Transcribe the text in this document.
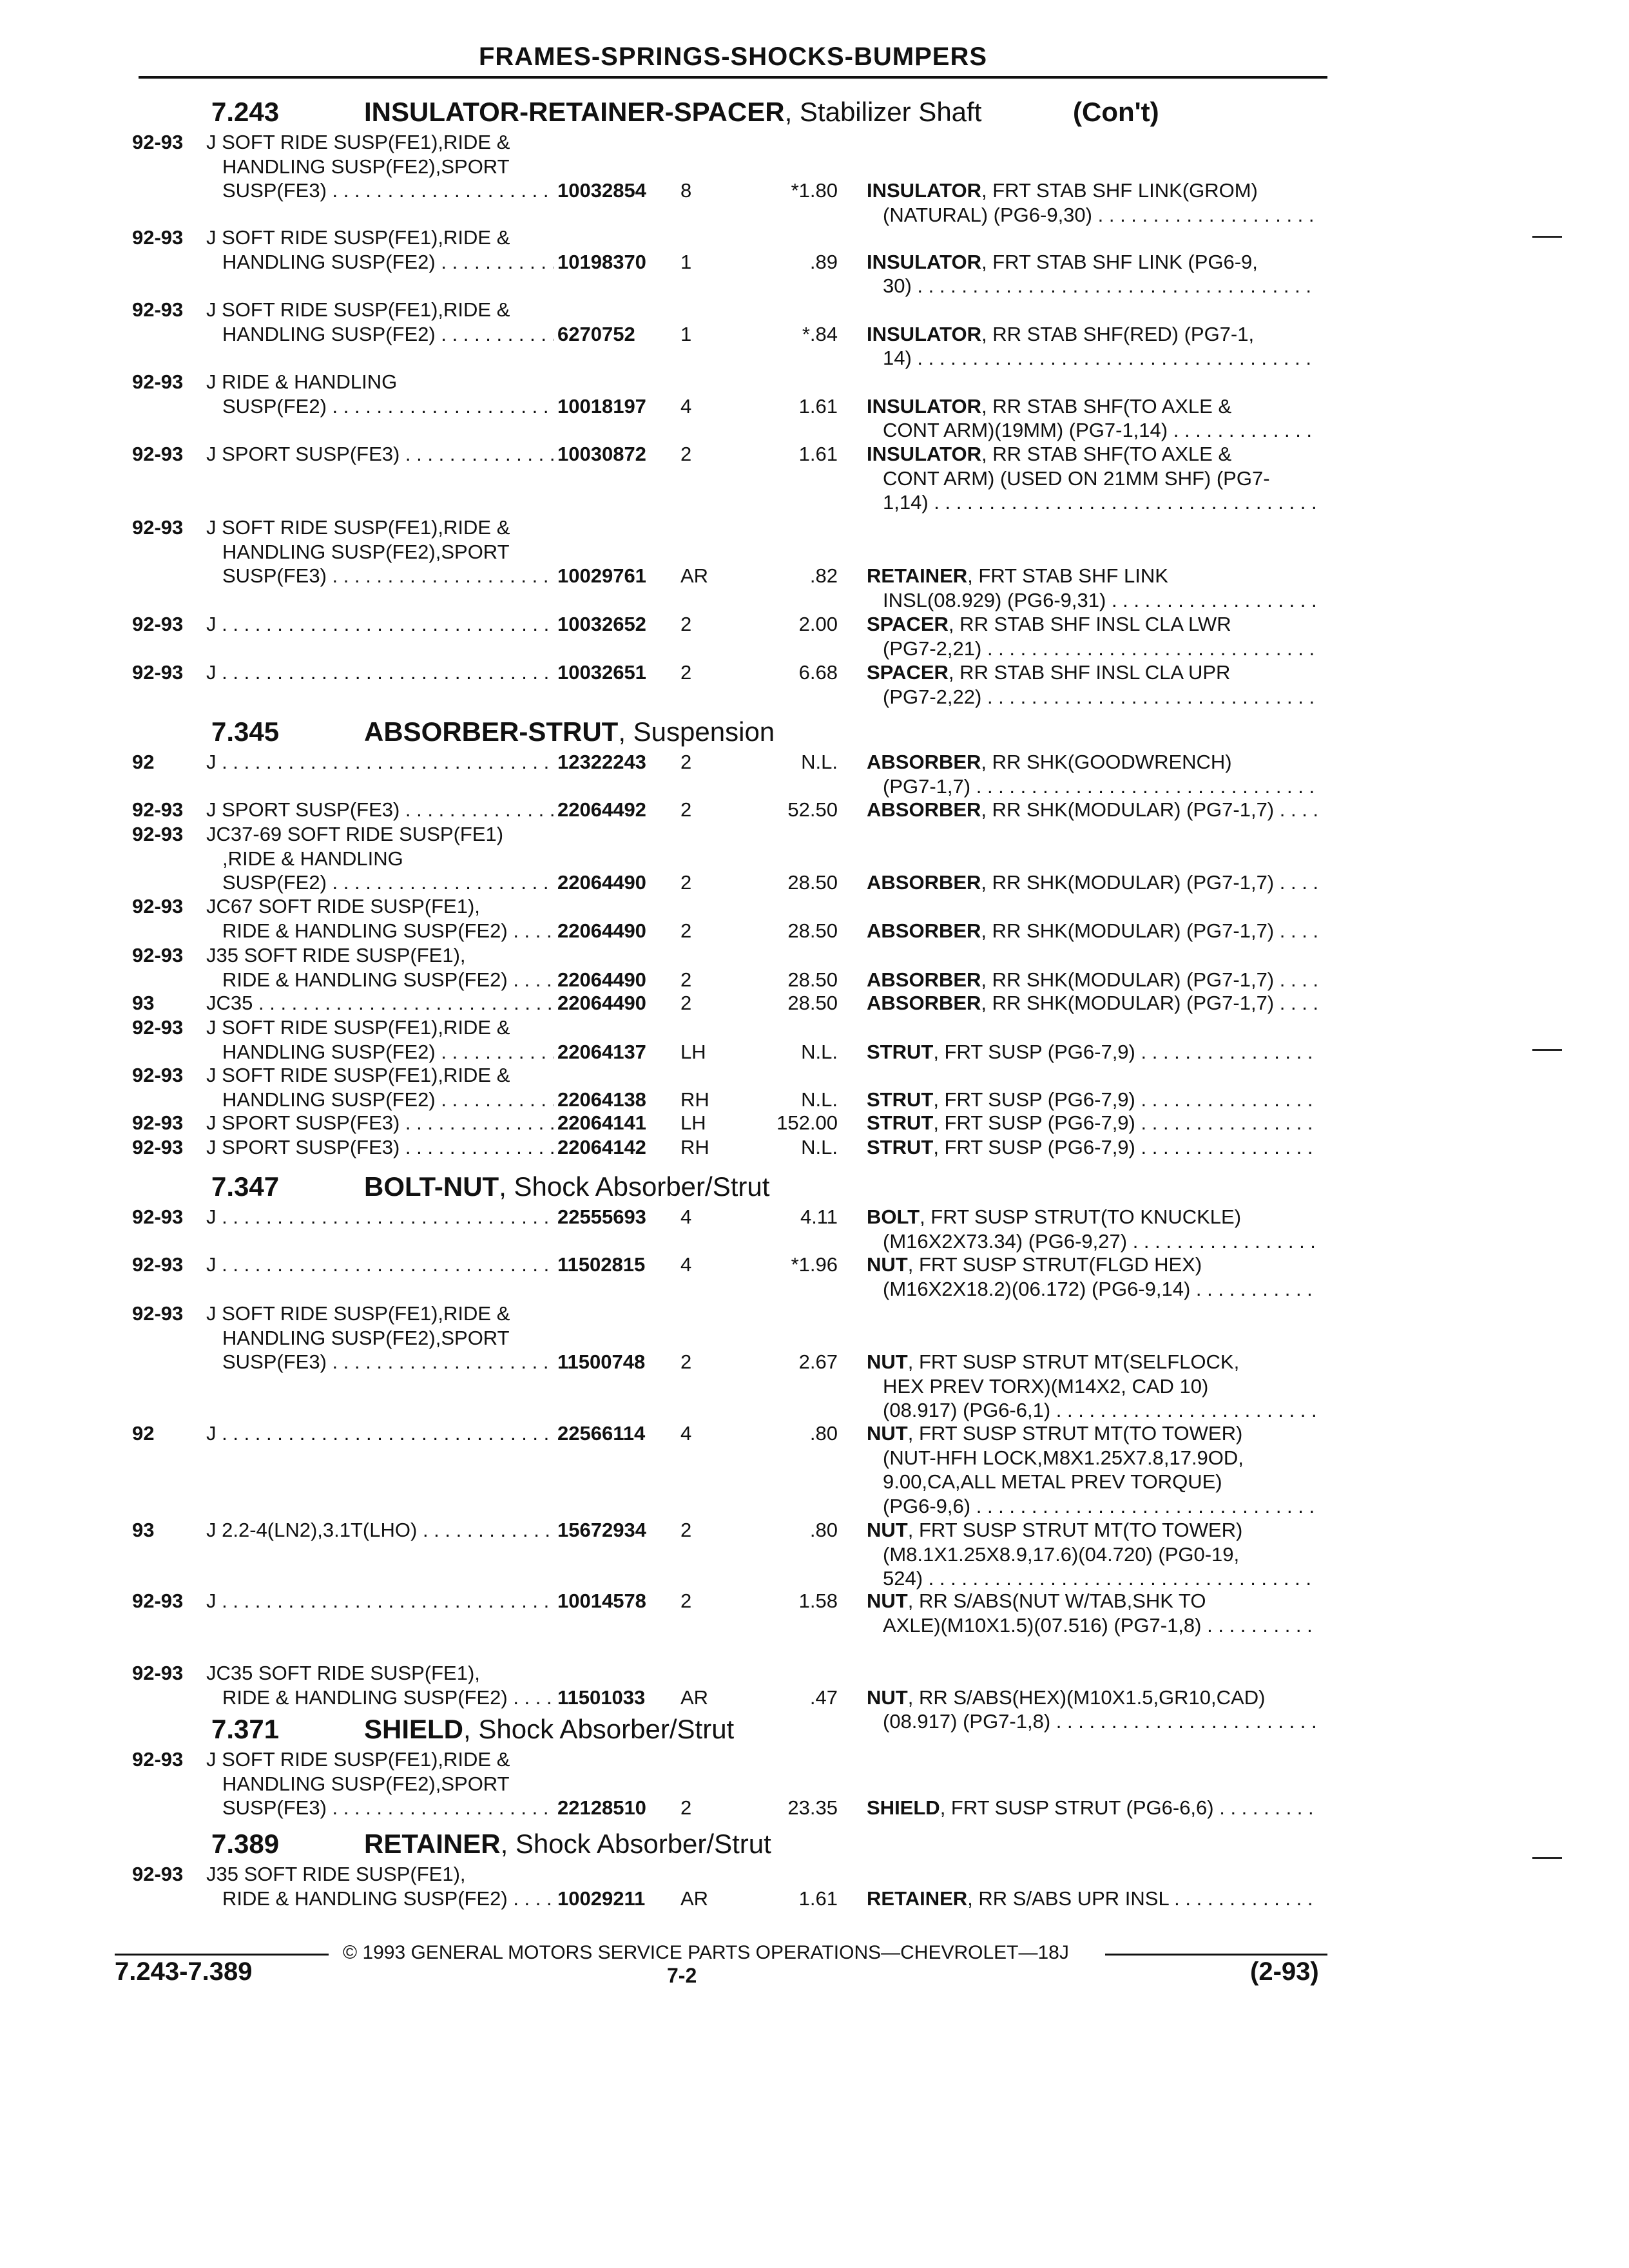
FRAMES-SPRINGS-SHOCKS-BUMPERS
7.243	INSULATOR-RETAINER-SPACER, Stabilizer Shaft	(Con't)
92-93	J SOFT RIDE SUSP(FE1),RIDE &
HANDLING SUSP(FE2),SPORT
SUSP(FE3) . . .	10032854	8	*1.80 INSULATOR, FRT STAB SHF LINK(GROM)
(NATURAL) (PG6-9,30) . . .
92-93	J SOFT RIDE SUSP(FE1),RIDE &
HANDLING SUSP(FE2) . . .	10198370	1	.89 INSULATOR, FRT STAB SHF LINK (PG6-9,
30) . . .
92-93	J SOFT RIDE SUSP(FE1),RIDE &
HANDLING SUSP(FE2) . . .	6270752	1	*.84 INSULATOR, RR STAB SHF(RED) (PG7-1,
14) . . .
92-93	J RIDE & HANDLING
SUSP(FE2) . . .	10018197	4	1.61 INSULATOR, RR STAB SHF(TO AXLE &
CONT ARM)(19MM) (PG7-1,14) . . .
92-93	J SPORT SUSP(FE3) . . .	10030872	2	1.61 INSULATOR, RR STAB SHF(TO AXLE &
CONT ARM) (USED ON 21MM SHF) (PG7-
1,14) . . .
92-93	J SOFT RIDE SUSP(FE1),RIDE &
HANDLING SUSP(FE2),SPORT
SUSP(FE3) . . .	10029761	AR	.82 RETAINER, FRT STAB SHF LINK
INSL(08.929) (PG6-9,31) . . .
92-93	J . . .	10032652	2	2.00 SPACER, RR STAB SHF INSL CLA LWR
(PG7-2,21) . . .
92-93	J . . .	10032651	2	6.68 SPACER, RR STAB SHF INSL CLA UPR
(PG7-2,22) . . .
7.345	ABSORBER-STRUT, Suspension
92	J . . .	12322243	2	N.L. ABSORBER, RR SHK(GOODWRENCH)
(PG7-1,7) . . .
92-93	J SPORT SUSP(FE3) . . .	22064492	2	52.50 ABSORBER, RR SHK(MODULAR) (PG7-1,7) . . .
92-93	JC37-69 SOFT RIDE SUSP(FE1)
,RIDE & HANDLING
SUSP(FE2) . . .	22064490	2	28.50 ABSORBER, RR SHK(MODULAR) (PG7-1,7) . . .
92-93	JC67 SOFT RIDE SUSP(FE1),
RIDE & HANDLING SUSP(FE2) . . .	22064490	2	28.50 ABSORBER, RR SHK(MODULAR) (PG7-1,7) . . .
92-93	J35 SOFT RIDE SUSP(FE1),
RIDE & HANDLING SUSP(FE2) . . .	22064490	2	28.50 ABSORBER, RR SHK(MODULAR) (PG7-1,7) . . .
93	JC35 . . .	22064490	2	28.50 ABSORBER, RR SHK(MODULAR) (PG7-1,7) . . .
92-93	J SOFT RIDE SUSP(FE1),RIDE &
HANDLING SUSP(FE2) . . .	22064137	LH	N.L. STRUT, FRT SUSP (PG6-7,9) . . .
92-93	J SOFT RIDE SUSP(FE1),RIDE &
HANDLING SUSP(FE2) . . .	22064138	RH	N.L. STRUT, FRT SUSP (PG6-7,9) . . .
92-93	J SPORT SUSP(FE3) . . .	22064141	LH	152.00 STRUT, FRT SUSP (PG6-7,9) . . .
92-93	J SPORT SUSP(FE3) . . .	22064142	RH	N.L. STRUT, FRT SUSP (PG6-7,9) . . .
7.347	BOLT-NUT, Shock Absorber/Strut
92-93	J . . .	22555693	4	4.11 BOLT, FRT SUSP STRUT(TO KNUCKLE)
(M16X2X73.34) (PG6-9,27) . . .
92-93	J . . .	11502815	4	*1.96 NUT, FRT SUSP STRUT(FLGD HEX)
(M16X2X18.2)(06.172) (PG6-9,14) . . .
92-93	J SOFT RIDE SUSP(FE1),RIDE &
HANDLING SUSP(FE2),SPORT
SUSP(FE3) . . .	11500748	2	2.67 NUT, FRT SUSP STRUT MT(SELFLOCK,
HEX PREV TORX)(M14X2, CAD 10)
(08.917) (PG6-6,1) . . .
92	J . . .	22566114	4	.80 NUT, FRT SUSP STRUT MT(TO TOWER)
(NUT-HFH LOCK,M8X1.25X7.8,17.9OD,
9.00,CA,ALL METAL PREV TORQUE)
(PG6-9,6) . . .
93	J 2.2-4(LN2),3.1T(LHO) . . .	15672934	2	.80 NUT, FRT SUSP STRUT MT(TO TOWER)
(M8.1X1.25X8.9,17.6)(04.720) (PG0-19,
524) . . .
92-93	J . . .	10014578	2	1.58 NUT, RR S/ABS(NUT W/TAB,SHK TO
AXLE)(M10X1.5)(07.516) (PG7-1,8) . . .
92-93	JC35 SOFT RIDE SUSP(FE1),
RIDE & HANDLING SUSP(FE2) . . .	11501033	AR	.47 NUT, RR S/ABS(HEX)(M10X1.5,GR10,CAD)
(08.917) (PG7-1,8) . . .
7.371	SHIELD, Shock Absorber/Strut
92-93	J SOFT RIDE SUSP(FE1),RIDE &
HANDLING SUSP(FE2),SPORT
SUSP(FE3) . . .	22128510	2	23.35 SHIELD, FRT SUSP STRUT (PG6-6,6) . . .
7.389	RETAINER, Shock Absorber/Strut
92-93	J35 SOFT RIDE SUSP(FE1),
RIDE & HANDLING SUSP(FE2) . . .	10029211	AR	1.61 RETAINER, RR S/ABS UPR INSL . . .
© 1993 GENERAL MOTORS SERVICE PARTS OPERATIONS—CHEVROLET—18J
7.243-7.389	7-2	(2-93)
